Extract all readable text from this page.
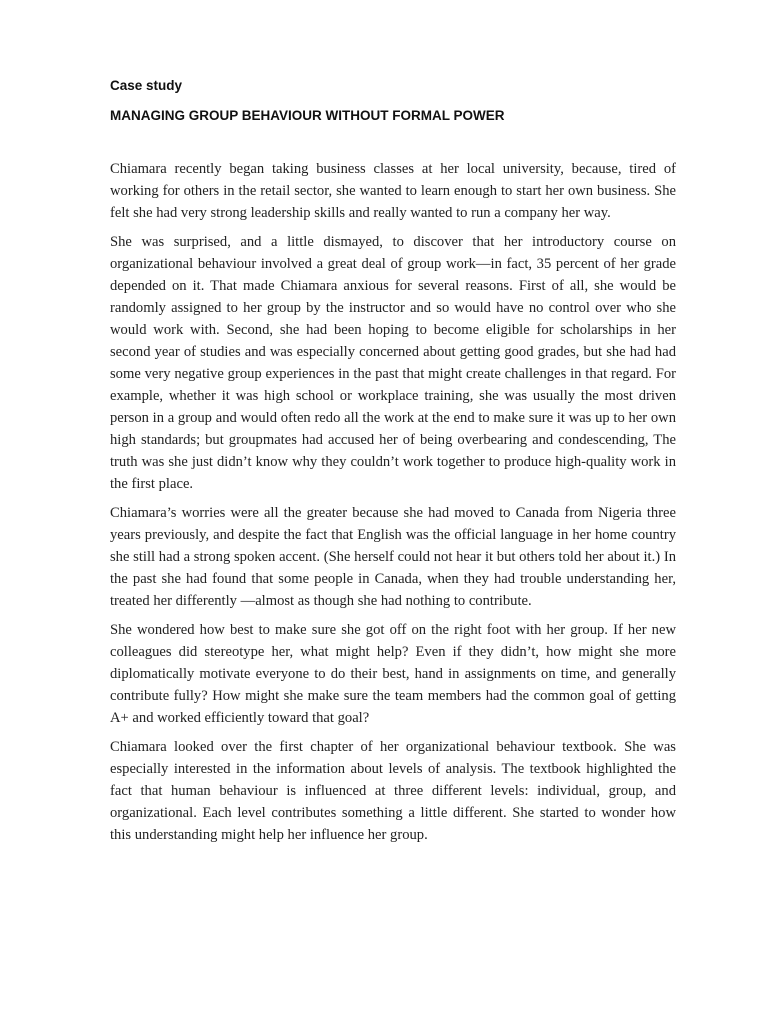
Case study
MANAGING GROUP BEHAVIOUR WITHOUT FORMAL POWER

Chiamara recently began taking business classes at her local university, because, tired of working for others in the retail sector, she wanted to learn enough to start her own business. She felt she had very strong leadership skills and really wanted to run a company her way.

She was surprised, and a little dismayed, to discover that her introductory course on organizational behaviour involved a great deal of group work—in fact, 35 percent of her grade depended on it. That made Chiamara anxious for several reasons. First of all, she would be randomly assigned to her group by the instructor and so would have no control over who she would work with. Second, she had been hoping to become eligible for scholarships in her second year of studies and was especially concerned about getting good grades, but she had had some very negative group experiences in the past that might create challenges in that regard. For example, whether it was high school or workplace training, she was usually the most driven person in a group and would often redo all the work at the end to make sure it was up to her own high standards; but groupmates had accused her of being overbearing and condescending, The truth was she just didn’t know why they couldn’t work together to produce high-quality work in the first place.

Chiamara’s worries were all the greater because she had moved to Canada from Nigeria three years previously, and despite the fact that English was the official language in her home country she still had a strong spoken accent. (She herself could not hear it but others told her about it.) In the past she had found that some people in Canada, when they had trouble understanding her, treated her differently —almost as though she had nothing to contribute.

She wondered how best to make sure she got off on the right foot with her group. If her new colleagues did stereotype her, what might help? Even if they didn’t, how might she more diplomatically motivate everyone to do their best, hand in assignments on time, and generally contribute fully? How might she make sure the team members had the common goal of getting A+ and worked efficiently toward that goal?

Chiamara looked over the first chapter of her organizational behaviour textbook. She was especially interested in the information about levels of analysis. The textbook highlighted the fact that human behaviour is influenced at three different levels: individual, group, and organizational. Each level contributes something a little different. She started to wonder how this understanding might help her influence her group.
